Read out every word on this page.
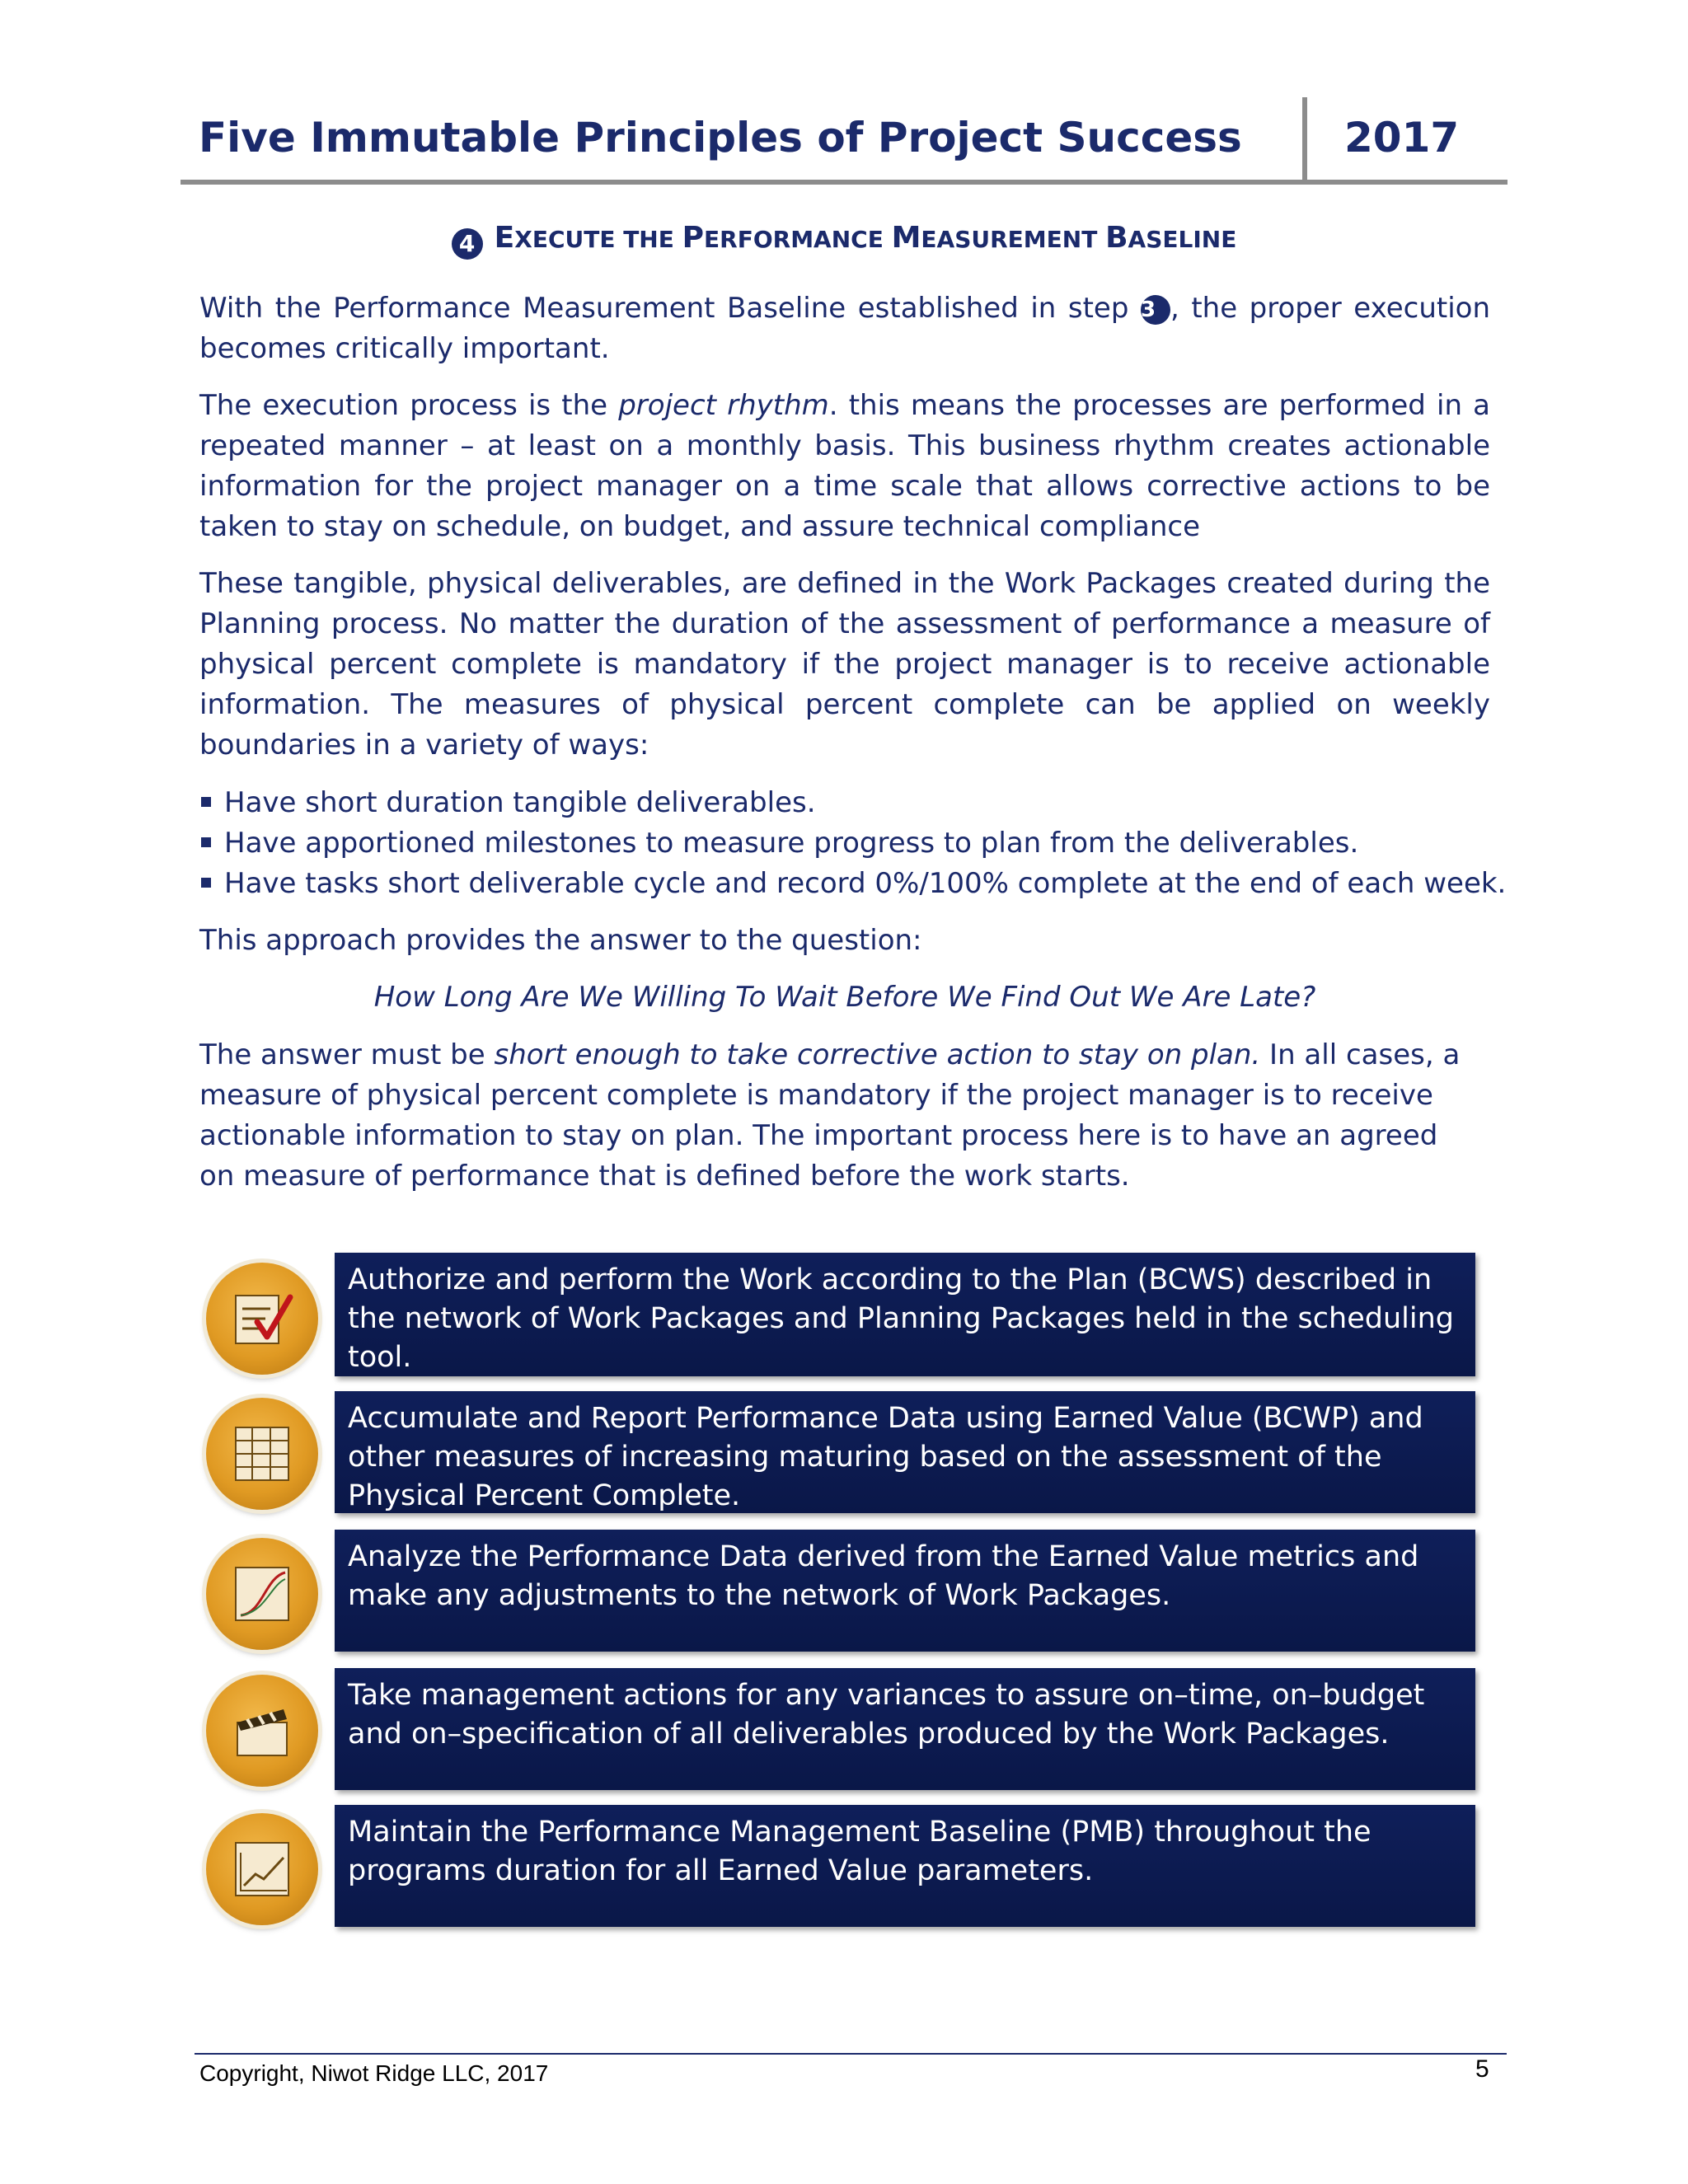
Five Immutable Principles of Project Success 2017
4 EXECUTE THE PERFORMANCE MEASUREMENT BASELINE

With the Performance Measurement Baseline established in step 3 , the proper execution becomes critically important.

The execution process is the project rhythm. this means the processes are performed in a repeated manner – at least on a monthly basis. This business rhythm creates actionable information for the project manager on a time scale that allows corrective actions to be taken to stay on schedule, on budget, and assure technical compliance

These tangible, physical deliverables, are defined in the Work Packages created during the Planning process. No matter the duration of the assessment of performance a measure of physical percent complete is mandatory if the project manager is to receive actionable information. The measures of physical percent complete can be applied on weekly boundaries in a variety of ways:

Have short duration tangible deliverables.
Have apportioned milestones to measure progress to plan from the deliverables.
Have tasks short deliverable cycle and record 0%/100% complete at the end of each week.

This approach provides the answer to the question:

How Long Are We Willing To Wait Before We Find Out We Are Late?

The answer must be short enough to take corrective action to stay on plan. In all cases, a measure of physical percent complete is mandatory if the project manager is to receive actionable information to stay on plan. The important process here is to have an agreed on measure of performance that is defined before the work starts.

Authorize and perform the Work according to the Plan (BCWS) described in the network of Work Packages and Planning Packages held in the scheduling tool.
Accumulate and Report Performance Data using Earned Value (BCWP) and other measures of increasing maturing based on the assessment of the Physical Percent Complete.
Analyze the Performance Data derived from the Earned Value metrics and make any adjustments to the network of Work Packages.
Take management actions for any variances to assure on–time, on–budget and on–specification of all deliverables produced by the Work Packages.
Maintain the Performance Management Baseline (PMB) throughout the programs duration for all Earned Value parameters.
Copyright, Niwot Ridge LLC, 2017	5
